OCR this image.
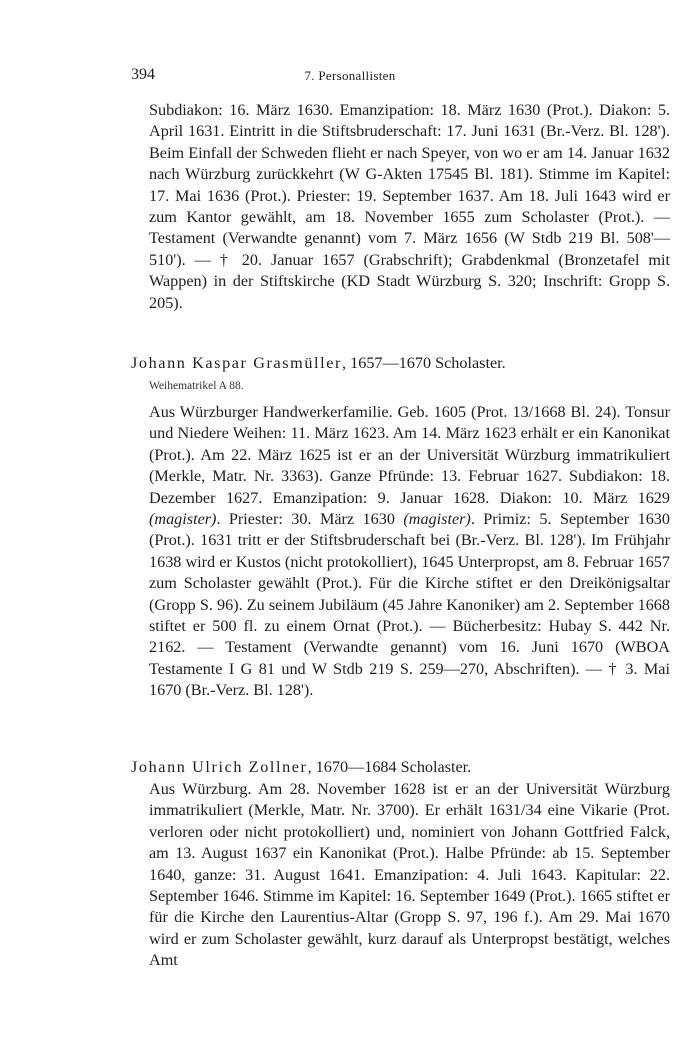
394	7. Personallisten

Subdiakon: 16. März 1630. Emanzipation: 18. März 1630 (Prot.). Diakon: 5. April 1631. Eintritt in die Stiftsbruderschaft: 17. Juni 1631 (Br.-Verz. Bl. 128'). Beim Einfall der Schweden flieht er nach Speyer, von wo er am 14. Januar 1632 nach Würzburg zurückkehrt (W G-Akten 17545 Bl. 181). Stimme im Kapitel: 17. Mai 1636 (Prot.). Priester: 19. September 1637. Am 18. Juli 1643 wird er zum Kantor gewählt, am 18. November 1655 zum Scholaster (Prot.). — Testament (Verwandte genannt) vom 7. März 1656 (W Stdb 219 Bl. 508'—510'). — † 20. Januar 1657 (Grabschrift); Grabdenkmal (Bronzetafel mit Wappen) in der Stiftskirche (KD Stadt Würzburg S. 320; Inschrift: Gropp S. 205).

Johann Kaspar Grasmüller, 1657—1670 Scholaster.

Weihematrikel A 88.

Aus Würzburger Handwerkerfamilie. Geb. 1605 (Prot. 13/1668 Bl. 24). Tonsur und Niedere Weihen: 11. März 1623. Am 14. März 1623 erhält er ein Kanonikat (Prot.). Am 22. März 1625 ist er an der Universität Würzburg immatrikuliert (Merkle, Matr. Nr. 3363). Ganze Pfründe: 13. Februar 1627. Subdiakon: 18. Dezember 1627. Emanzipation: 9. Januar 1628. Diakon: 10. März 1629 (magister). Priester: 30. März 1630 (magister). Primiz: 5. September 1630 (Prot.). 1631 tritt er der Stiftsbruderschaft bei (Br.-Verz. Bl. 128'). Im Frühjahr 1638 wird er Kustos (nicht protokolliert), 1645 Unterpropst, am 8. Februar 1657 zum Scholaster gewählt (Prot.). Für die Kirche stiftet er den Dreikönigsaltar (Gropp S. 96). Zu seinem Jubiläum (45 Jahre Kanoniker) am 2. September 1668 stiftet er 500 fl. zu einem Ornat (Prot.). — Bücherbesitz: Hubay S. 442 Nr. 2162. — Testament (Verwandte genannt) vom 16. Juni 1670 (WBOA Testamente I G 81 und W Stdb 219 S. 259—270, Abschriften). — † 3. Mai 1670 (Br.-Verz. Bl. 128').

Johann Ulrich Zollner, 1670—1684 Scholaster.

Aus Würzburg. Am 28. November 1628 ist er an der Universität Würzburg immatrikuliert (Merkle, Matr. Nr. 3700). Er erhält 1631/34 eine Vikarie (Prot. verloren oder nicht protokolliert) und, nominiert von Johann Gottfried Falck, am 13. August 1637 ein Kanonikat (Prot.). Halbe Pfründe: ab 15. September 1640, ganze: 31. August 1641. Emanzipation: 4. Juli 1643. Kapitular: 22. September 1646. Stimme im Kapitel: 16. September 1649 (Prot.). 1665 stiftet er für die Kirche den Laurentius-Altar (Gropp S. 97, 196 f.). Am 29. Mai 1670 wird er zum Scholaster gewählt, kurz darauf als Unterpropst bestätigt, welches Amt
